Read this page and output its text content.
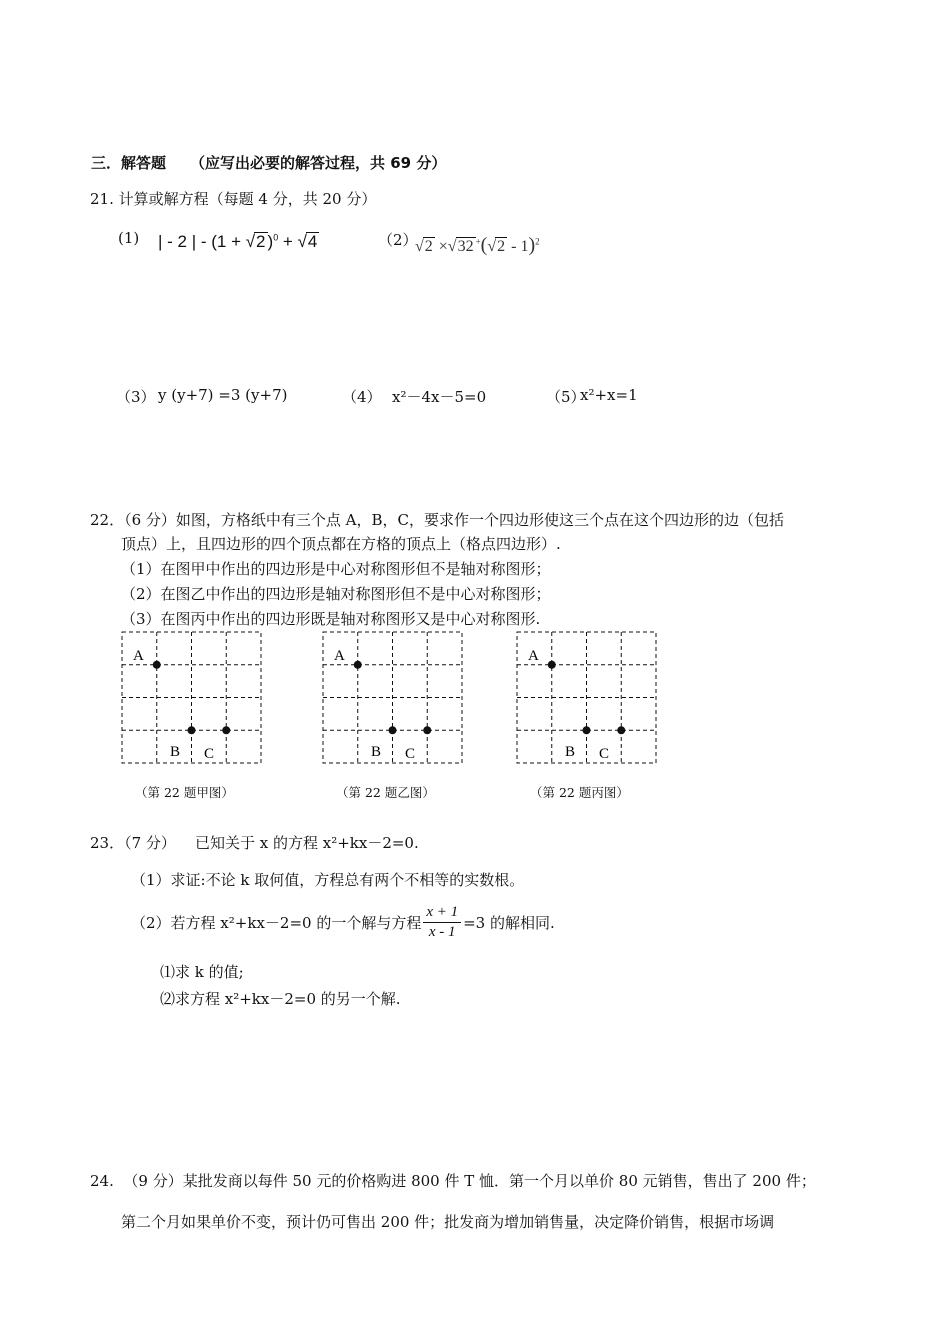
三．解答题 （应写出必要的解答过程，共 69 分）
21. 计算或解方程（每题 4 分，共 20 分）
(1) | - 2 | - (1 + √2 )$^0$ + √4	（2）
√2 ×√32 +(√2 - 1)$^2$
（3） y (y+7) =3 (y+7)	（4） x²－4x－5=0	（5）
x²+x=1
22．（6 分）如图，方格纸中有三个点 A，B，C，要求作一个四边形使这三个点在这个四边形的边（包括
顶点）上，且四边形的四个顶点都在方格的顶点上（格点四边形）.
（1）在图甲中作出的四边形是中心对称图形但不是轴对称图形；
（2）在图乙中作出的四边形是轴对称图形但不是中心对称图形；
（3）在图丙中作出的四边形既是轴对称图形又是中心对称图形.
A
B C
A
B C
A
B C
（第 22 题甲图）	（第 22 题乙图）	（第 22 题丙图）
23．（7 分）    已知关于 x 的方程 x²+kx－2=0.
（1）求证:不论 k 取何值，方程总有两个不相等的实数根。
（2）若方程 x²+kx－2=0 的一个解与方程 $\frac{x + 1}{x - 1} =3$ 的解相同.
⑴求 k 的值;
⑵求方程 x²+kx－2=0 的另一个解.
24.  （9 分）某批发商以每件 50 元的价格购进 800 件 T 恤．第一个月以单价 80 元销售，售出了 200 件；
第二个月如果单价不变，预计仍可售出 200 件；批发商为增加销售量，决定降价销售，根据市场调
